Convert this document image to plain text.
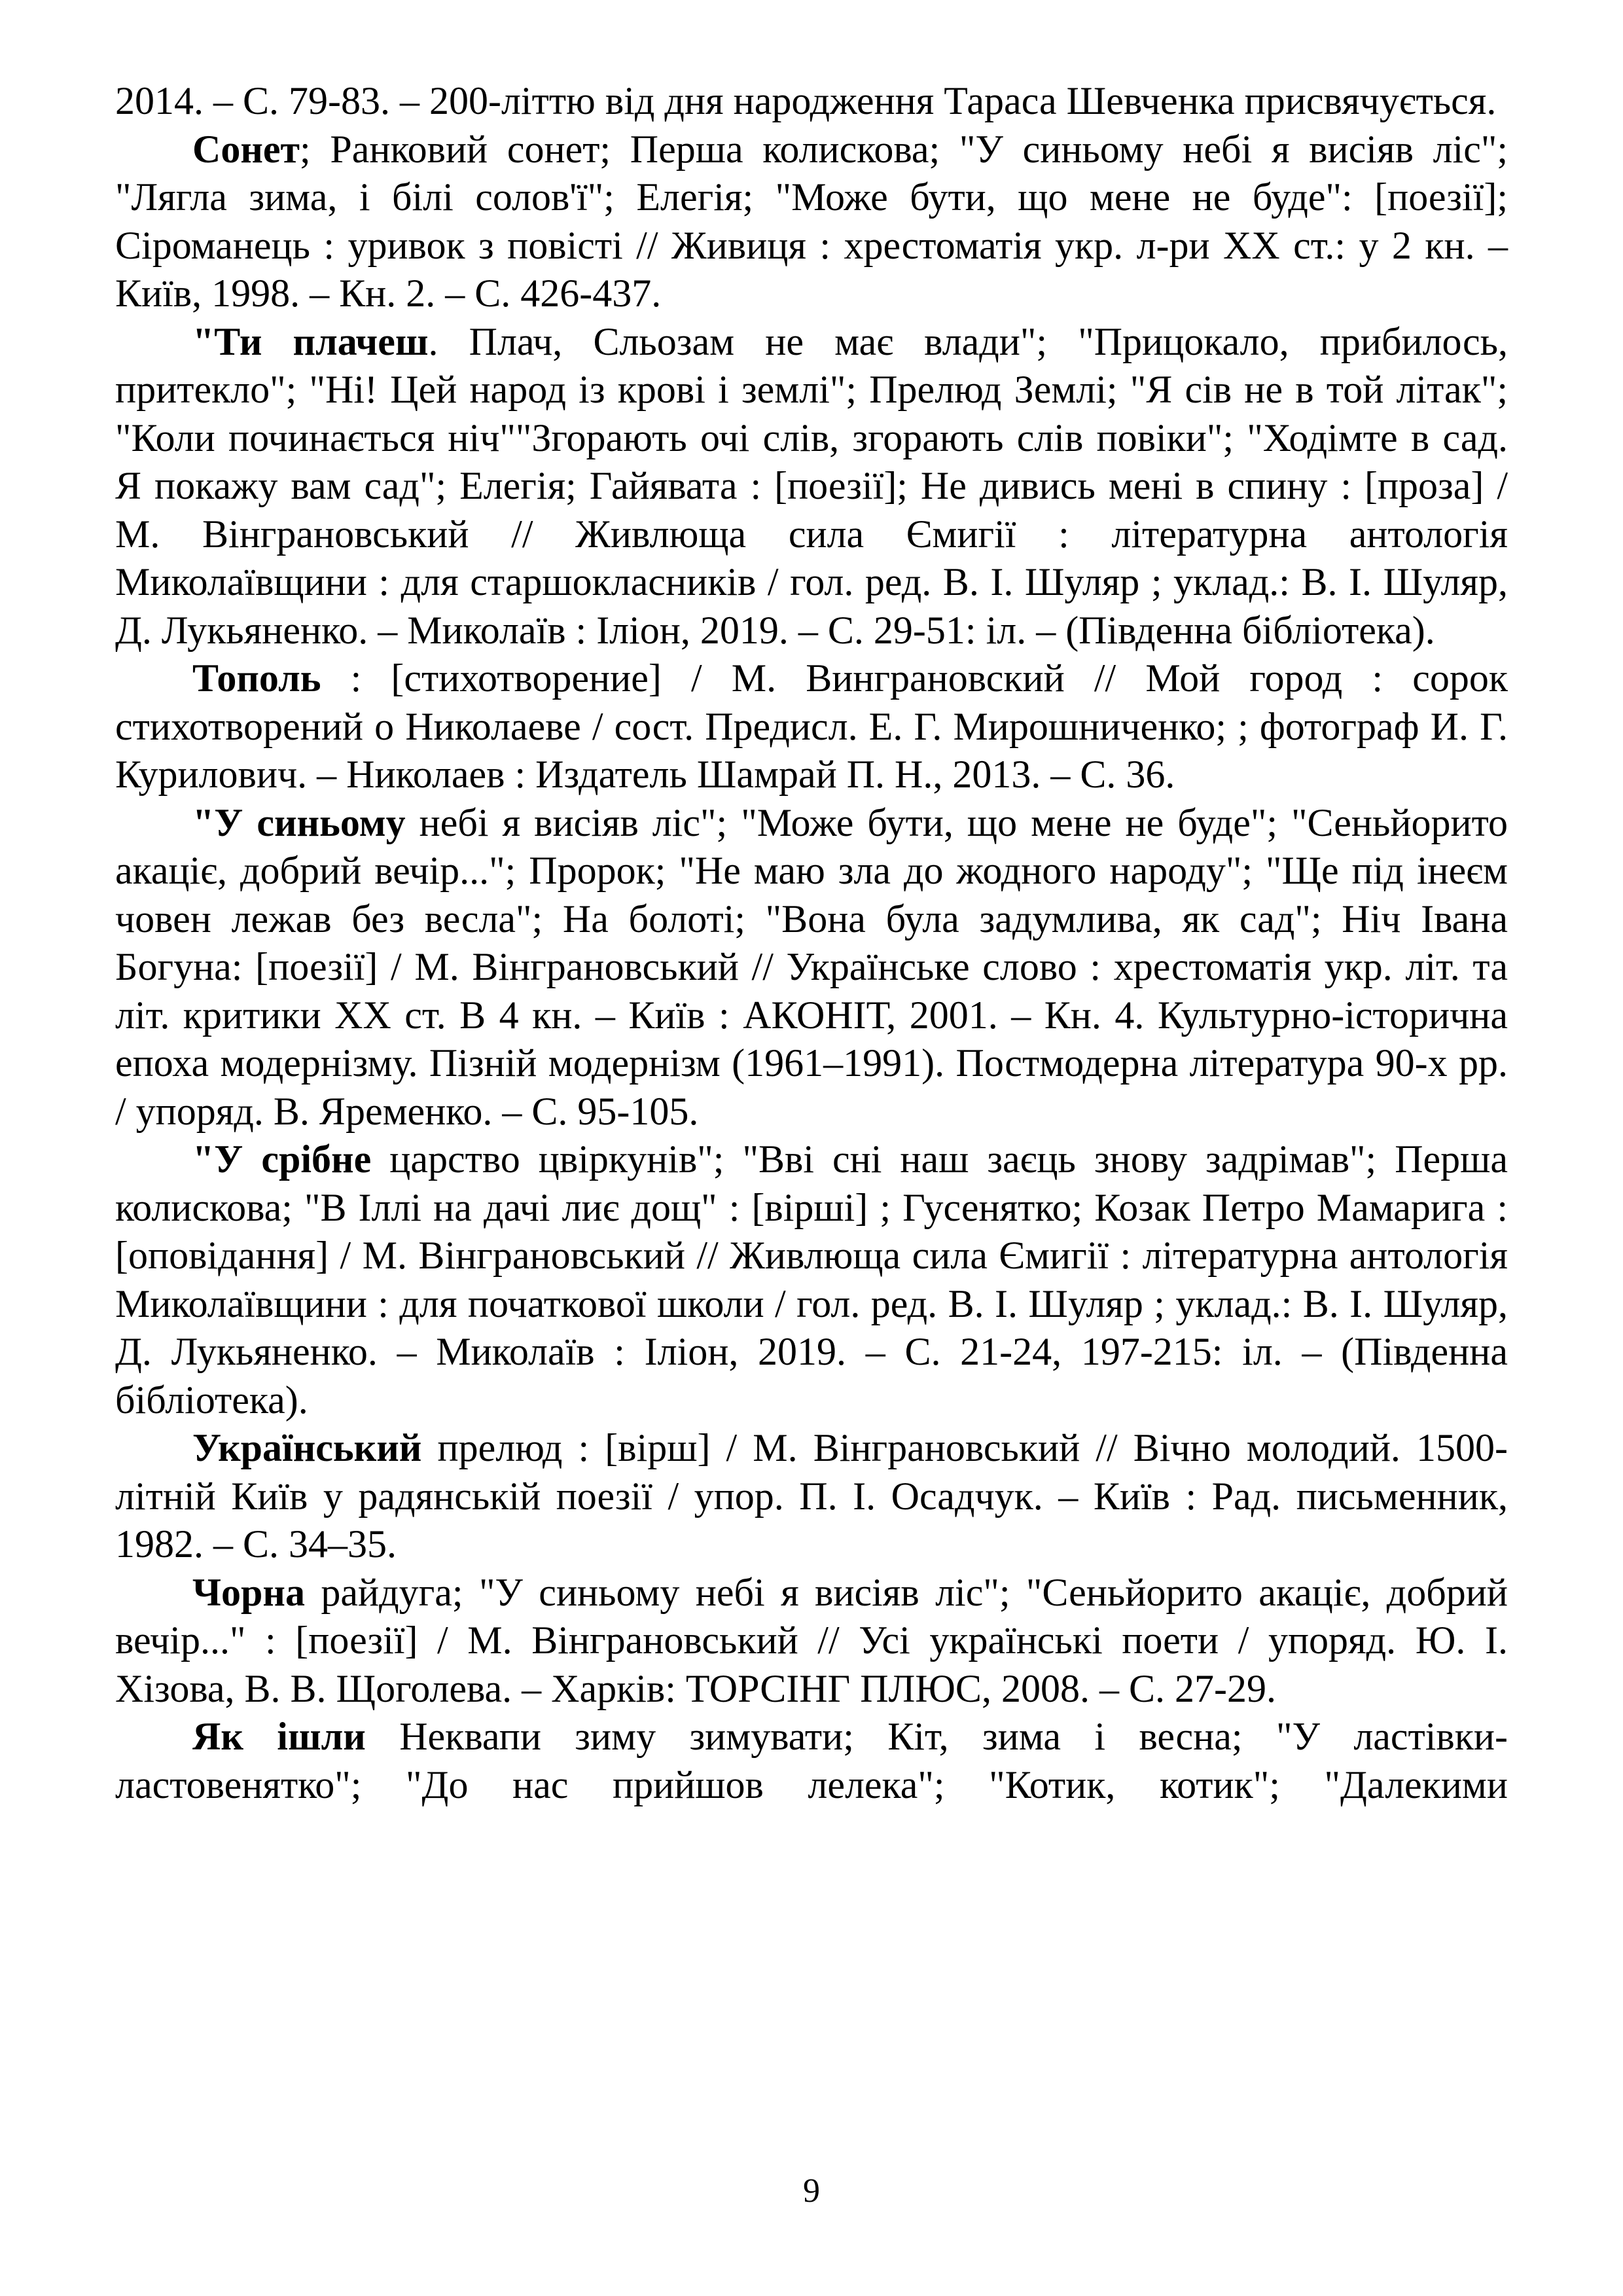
2014. – С. 79-83. – 200-літтю від дня народження Тараса Шевченка присвячується.

Сонет; Ранковий сонет; Перша колискова; "У синьому небі я висіяв ліс"; "Лягла зима, і білі солов'ї"; Елегія; "Може бути, що мене не буде": [поезії]; Сіроманець : уривок з повісті // Живиця : хрестоматія укр. л-ри ХХ ст.: у 2 кн. – Київ, 1998. – Кн. 2. – С. 426-437.

"Ти плачеш. Плач, Сльозам не має влади"; "Прицокало, прибилось, притекло"; "Ні! Цей народ із крові і землі"; Прелюд Землі; "Я сів не в той літак"; "Коли починається ніч""Згорають очі слів, згорають слів повіки"; "Ходімте в сад. Я покажу вам сад"; Елегія; Гайявата : [поезії]; Не дивись мені в спину : [проза] / М. Вінграновський // Живлюща сила Ємигії : літературна антологія Миколаївщини : для старшокласників / гол. ред. В. І. Шуляр ; уклад.: В. І. Шуляр, Д. Лукьяненко. – Миколаїв : Іліон, 2019. – С. 29-51: іл. – (Південна бібліотека).

Тополь : [стихотворение] / М. Винграновский // Мой город : сорок стихотворений о Николаеве / сост. Предисл. Е. Г. Мирошниченко; ; фотограф И. Г. Курилович. – Николаев : Издатель Шамрай П. Н., 2013. – С. 36.

"У синьому небі я висіяв ліс"; "Може бути, що мене не буде"; "Сеньйорито акаціє, добрий вечір..."; Пророк; "Не маю зла до жодного народу"; "Ще під інеєм човен лежав без весла"; На болоті; "Вона була задумлива, як сад"; Ніч Івана Богуна: [поезії] / М. Вінграновський // Українське слово : хрестоматія укр. літ. та літ. критики ХХ ст. В 4 кн. – Київ : АКОНІТ, 2001. – Кн. 4. Культурно-історична епоха модернізму. Пізній модернізм (1961–1991). Постмодерна література 90-х рр. / упоряд. В. Яременко. – С. 95-105.

"У срібне царство цвіркунів"; "Вві сні наш заєць знову задрімав"; Перша колискова; "В Іллі на дачі лиє дощ" : [вірші] ; Гусенятко; Козак Петро Мамарига : [оповідання] / М. Вінграновський // Живлюща сила Ємигії : літературна антологія Миколаївщини : для початкової школи / гол. ред. В. І. Шуляр ; уклад.: В. І. Шуляр, Д. Лукьяненко. – Миколаїв : Іліон, 2019. – С. 21-24, 197-215: іл. – (Південна бібліотека).

Український прелюд : [вірш] / М. Вінграновський // Вічно молодий. 1500-літній Київ у радянській поезії / упор. П. І. Осадчук. – Київ : Рад. письменник, 1982. – С. 34–35.

Чорна райдуга; "У синьому небі я висіяв ліс"; "Сеньйорито акаціє, добрий вечір..." : [поезії] / М. Вінграновський // Усі українські поети / упоряд. Ю. І. Хізова, В. В. Щоголева. – Харків: ТОРСІНГ ПЛЮС, 2008. – С. 27-29.

Як ішли Неквапи зиму зимувати; Кіт, зима і весна; "У ластівки-ластовенятко"; "До нас прийшов лелека"; "Котик, котик"; "Далекими

9
